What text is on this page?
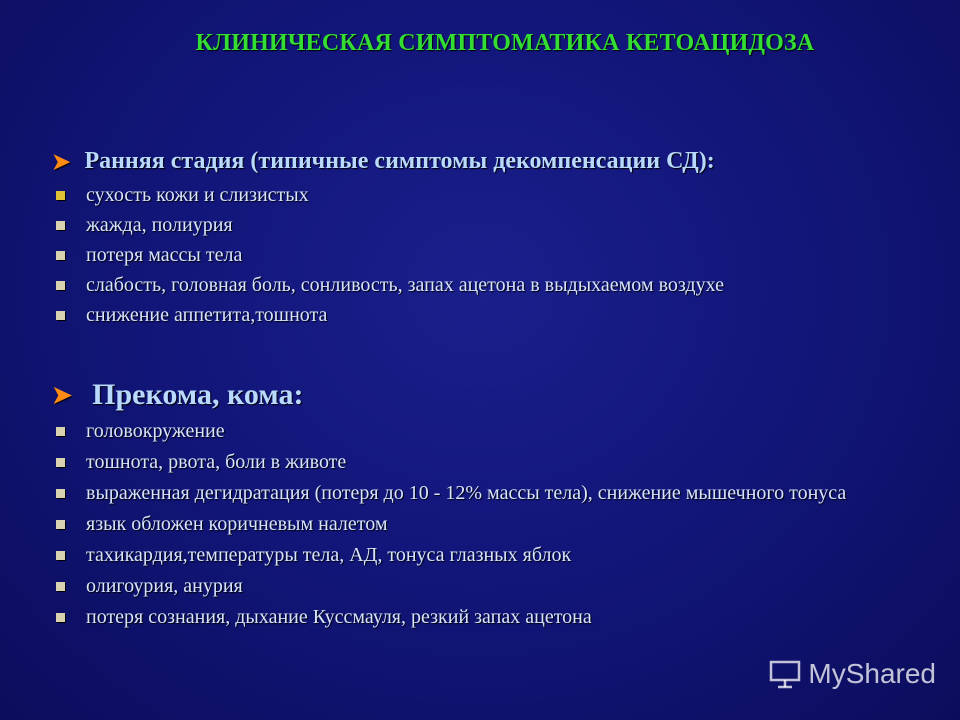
КЛИНИЧЕСКАЯ СИМПТОМАТИКА КЕТОАЦИДОЗА
➤ Ранняя стадия (типичные симптомы декомпенсации СД):
сухость кожи и слизистых
жажда, полиурия
потеря массы тела
слабость, головная боль, сонливость, запах ацетона в выдыхаемом воздухе
снижение аппетита,тошнота
➤ Прекома, кома:
головокружение
тошнота, рвота, боли в животе
выраженная дегидратация (потеря до 10 - 12% массы тела), снижение мышечного тонуса
язык обложен коричневым налетом
тахикардия,температуры тела, АД, тонуса глазных яблок
олигоурия, анурия
потеря сознания, дыхание Куссмауля, резкий запах ацетона
MyShared
